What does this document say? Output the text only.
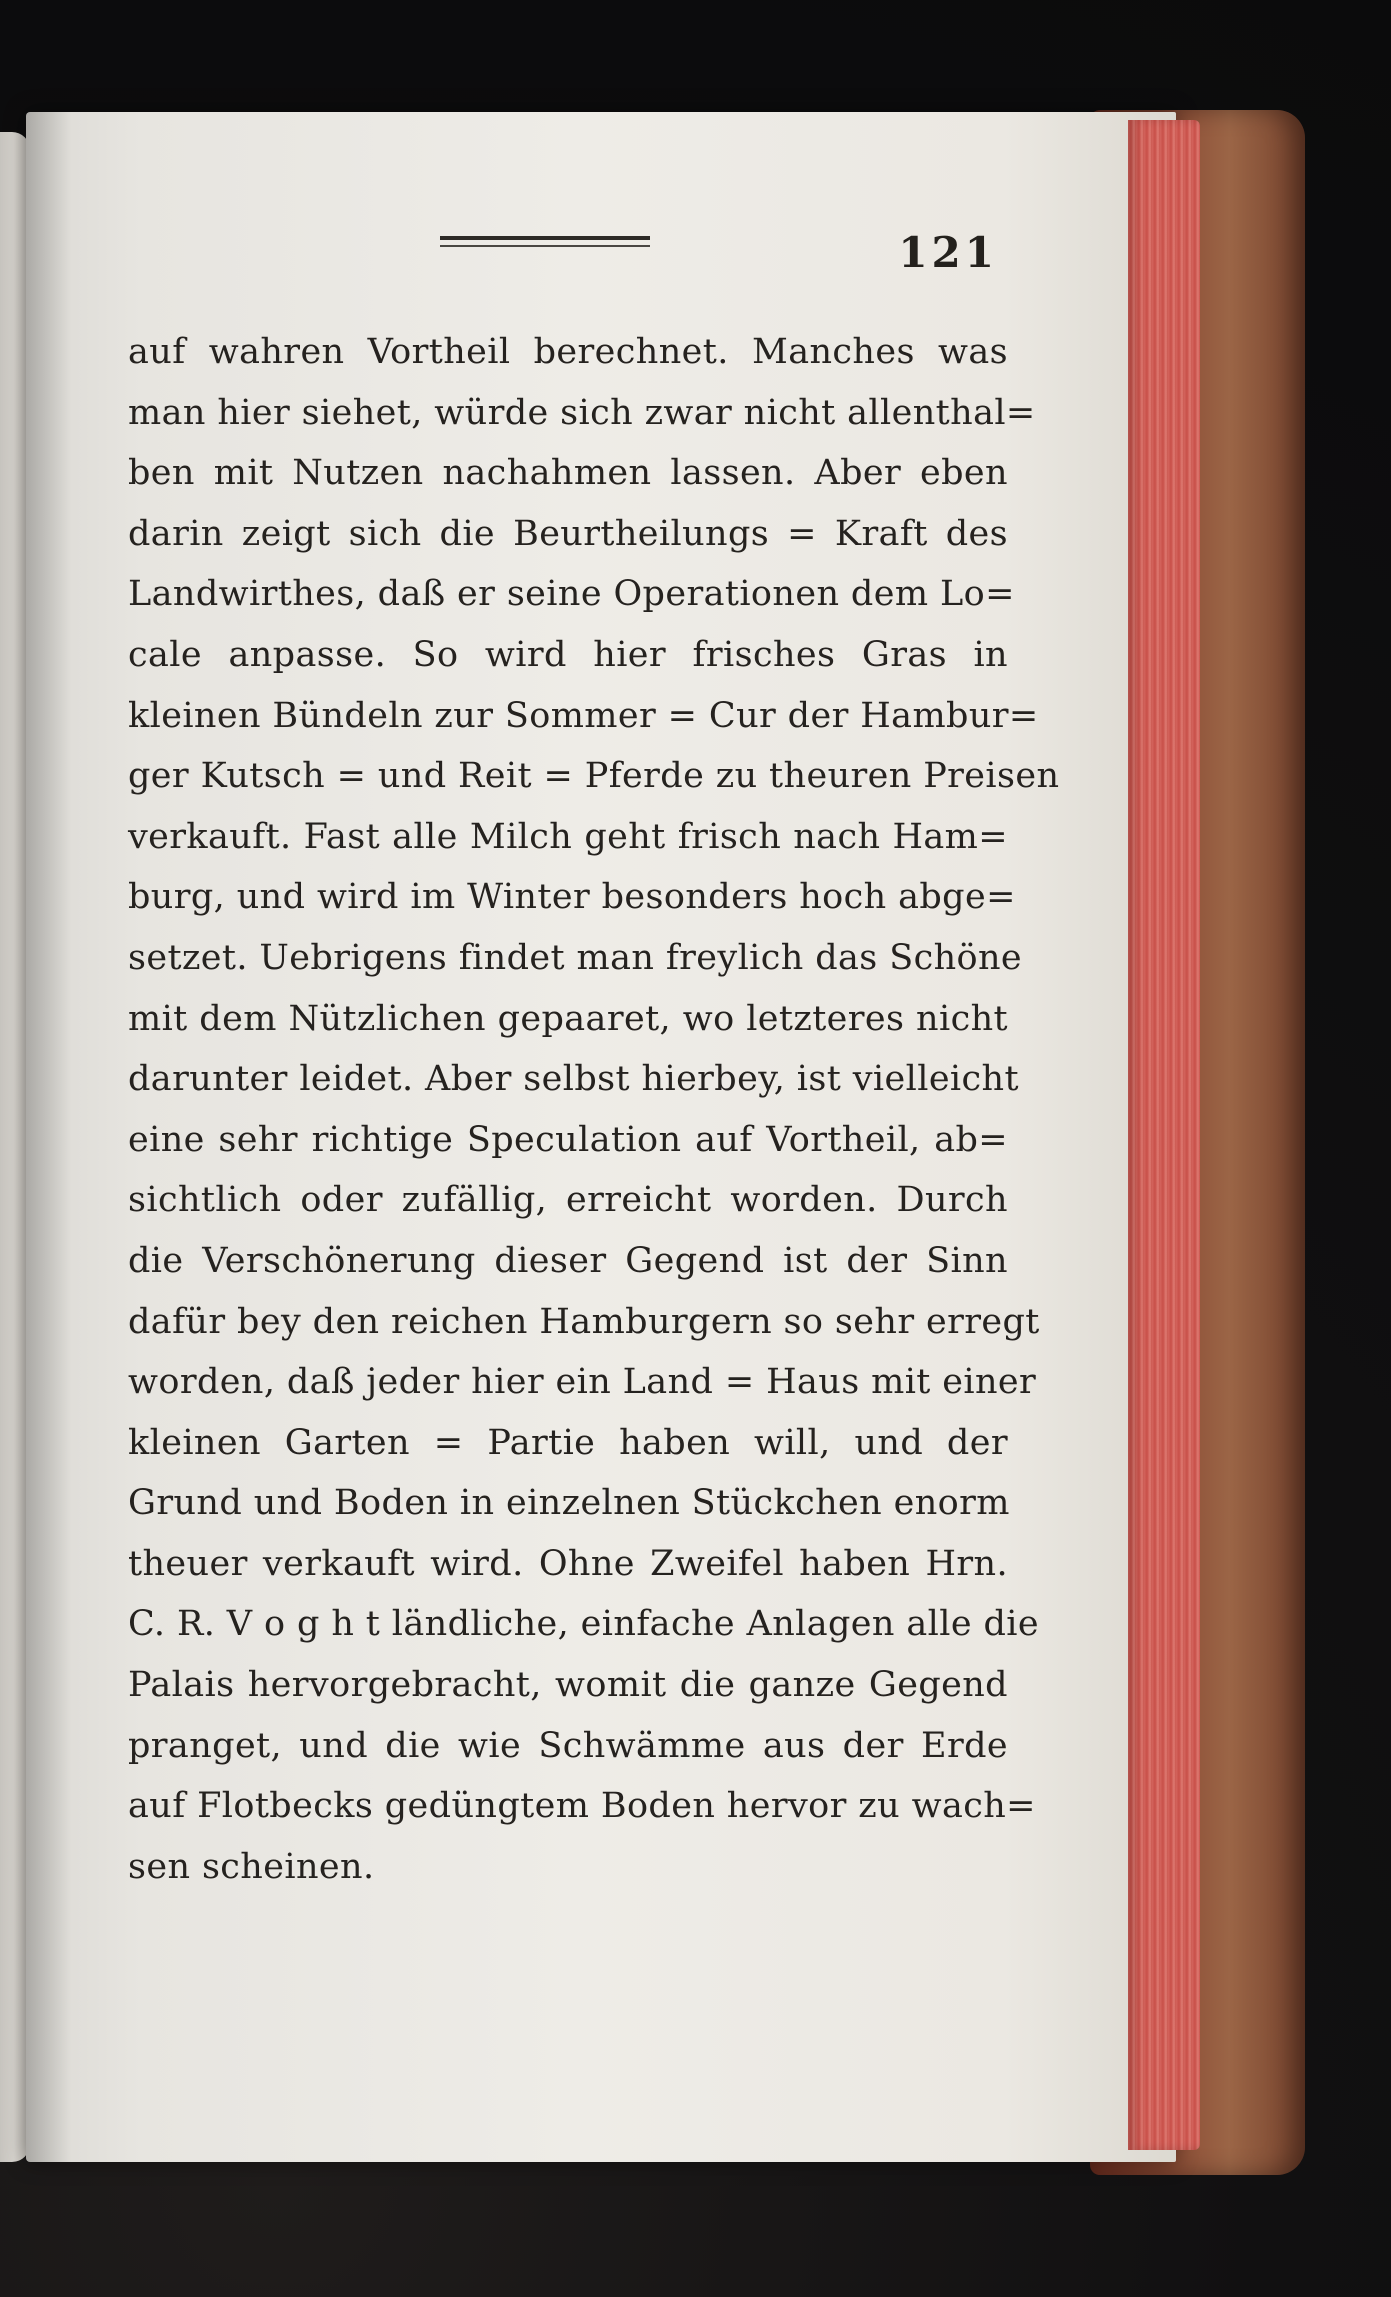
121
auf wahren Vortheil berechnet. Manches was
man hier siehet, würde sich zwar nicht allenthal=
ben mit Nutzen nachahmen lassen. Aber eben
darin zeigt sich die Beurtheilungs = Kraft des
Landwirthes, daß er seine Operationen dem Lo=
cale anpasse. So wird hier frisches Gras in
kleinen Bündeln zur Sommer = Cur der Hambur=
ger Kutsch = und Reit = Pferde zu theuren Preisen
verkauft. Fast alle Milch geht frisch nach Ham=
burg, und wird im Winter besonders hoch abge=
setzet. Uebrigens findet man freylich das Schöne
mit dem Nützlichen gepaaret, wo letzteres nicht
darunter leidet. Aber selbst hierbey, ist vielleicht
eine sehr richtige Speculation auf Vortheil, ab=
sichtlich oder zufällig, erreicht worden. Durch
die Verschönerung dieser Gegend ist der Sinn
dafür bey den reichen Hamburgern so sehr erregt
worden, daß jeder hier ein Land = Haus mit einer
kleinen Garten = Partie haben will, und der
Grund und Boden in einzelnen Stückchen enorm
theuer verkauft wird. Ohne Zweifel haben Hrn.
C. R. V o g h t ländliche, einfache Anlagen alle die
Palais hervorgebracht, womit die ganze Gegend
pranget, und die wie Schwämme aus der Erde
auf Flotbecks gedüngtem Boden hervor zu wach=
sen scheinen.
